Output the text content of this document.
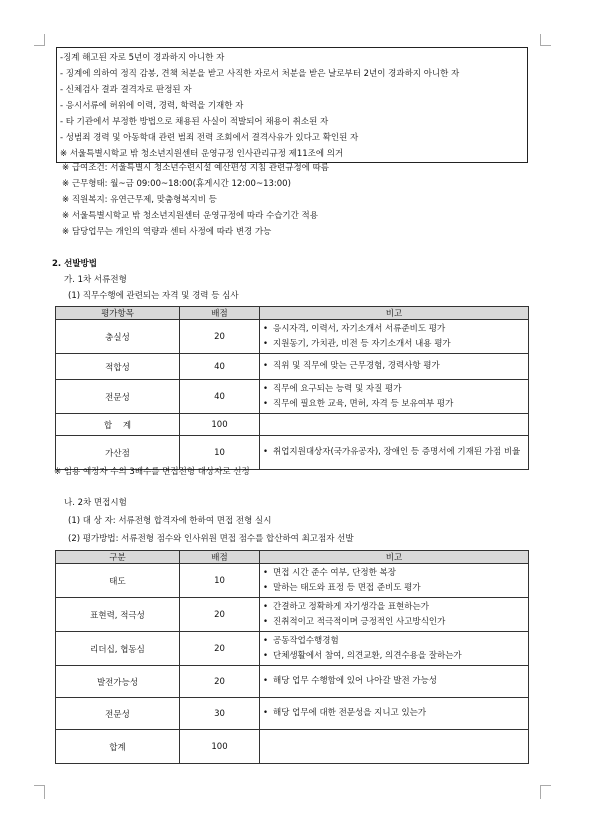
-징계 해고된 자로 5년이 경과하지 아니한 자
- 징계에 의하여 정직 감봉, 견책 처분을 받고 사직한 자로서 처분을 받은 날로부터 2년이 경과하지 아니한 자
- 신체검사 결과 결격자로 판정된 자
- 응시서류에 허위에 이력, 경력, 학력을 기재한 자
- 타 기관에서 부정한 방법으로 채용된 사실이 적발되어 채용이 취소된 자
- 성범죄 경력 및 아동학대 관련 범죄 전력 조회에서 결격사유가 있다고 확인된 자
※ 서울특별시학교 밖 청소년지원센터 운영규정 인사관리규정 제11조에 의거
※ 급여조건: 서울특별시 청소년수련시설 예산편성 지침 관련규정에 따름
※ 근무형태: 월~금 09:00~18:00(휴게시간 12:00~13:00)
※ 직원복지: 유연근무제, 맞춤형복지비 등
※ 서울특별시학교 밖 청소년지원센터 운영규정에 따라 수습기간 적용
※ 담당업무는 개인의 역량과 센터 사정에 따라 변경 가능
2. 선발방법
가. 1차 서류전형
(1) 직무수행에 관련되는 자격 및 경력 등 심사
평가항목	배점	비고
충실성	20	• 응시자격, 이력서, 자기소개서 서류준비도 평가
• 지원동기, 가치관, 비전 등 자기소개서 내용 평가

적합성	40	• 직위 및 직무에 맞는 근무경험, 경력사항 평가

전문성	40	• 직무에 요구되는 능력 및 자질 평가
• 직무에 필요한 교육, 면허, 자격 등 보유여부 평가

합    계	100	
가산점	10	• 취업지원대상자(국가유공자), 장애인 등 증명서에 기재된 가점 비율
※ 임용 예정자 수의 3배수를 면접전형 대상자로 선정
나. 2차 면접시험
(1) 대 상 자: 서류전형 합격자에 한하여 면접 전형 실시
(2) 평가방법: 서류전형 점수와 인사위원 면접 점수를 합산하여 최고점자 선발
구분	배점	비고
태도	10	• 면접 시간 준수 여부, 단정한 복장
• 말하는 태도와 표정 등 면접 준비도 평가

표현력, 적극성	20	• 간결하고 정확하게 자기생각을 표현하는가
• 진취적이고 적극적이며 긍정적인 사고방식인가

리더십, 협동심	20	• 공동작업수행경험
• 단체생활에서 참여, 의견교환, 의견수용을 잘하는가

발전가능성	20	• 해당 업무 수행함에 있어 나아갈 발전 가능성

전문성	30	• 해당 업무에 대한 전문성을 지니고 있는가

합계	100	
